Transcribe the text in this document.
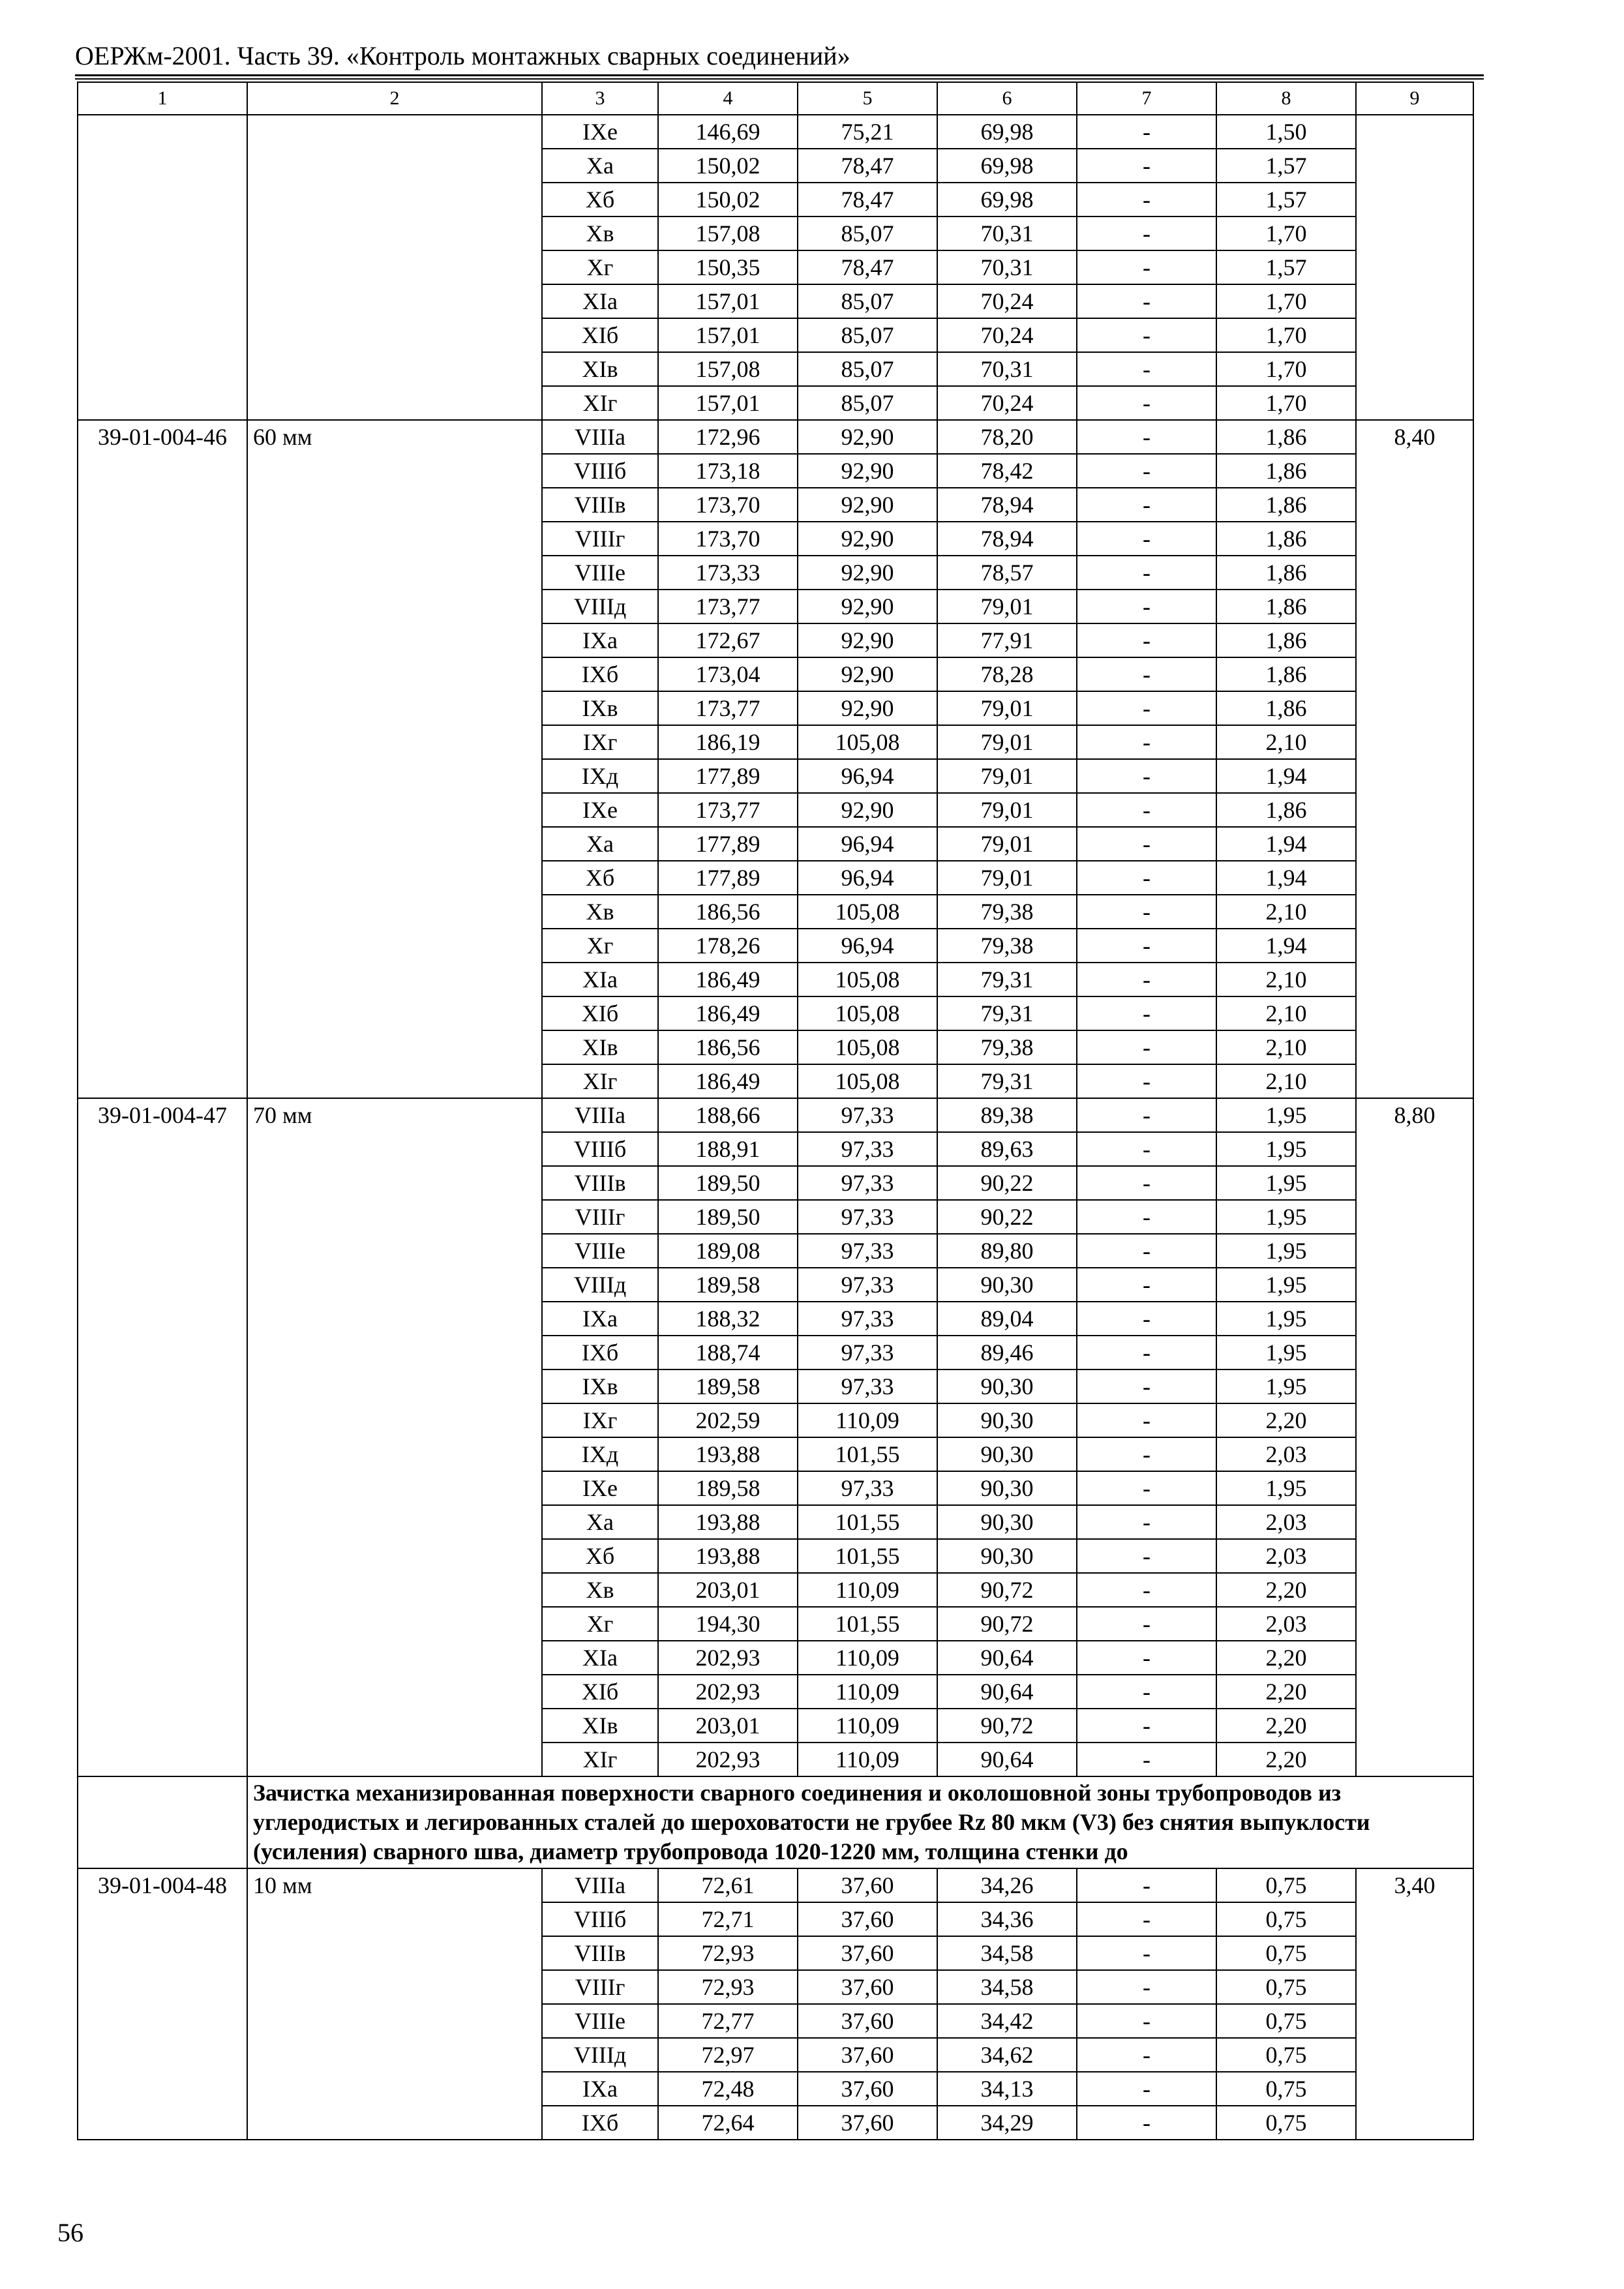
ОЕРЖм-2001. Часть 39. «Контроль монтажных сварных соединений»
1	2	3	4	5	6	7	8	9
		IXе	146,69	75,21	69,98	-	1,50	
		Xа	150,02	78,47	69,98	-	1,57	
		Xб	150,02	78,47	69,98	-	1,57	
		Xв	157,08	85,07	70,31	-	1,70	
		Xг	150,35	78,47	70,31	-	1,57	
		XIа	157,01	85,07	70,24	-	1,70	
		XIб	157,01	85,07	70,24	-	1,70	
		XIв	157,08	85,07	70,31	-	1,70	
		XIг	157,01	85,07	70,24	-	1,70	
39-01-004-46	60 мм	VIIIа	172,96	92,90	78,20	-	1,86	8,40
		VIIIб	173,18	92,90	78,42	-	1,86	
		VIIIв	173,70	92,90	78,94	-	1,86	
		VIIIг	173,70	92,90	78,94	-	1,86	
		VIIIе	173,33	92,90	78,57	-	1,86	
		VIIIд	173,77	92,90	79,01	-	1,86	
		IXа	172,67	92,90	77,91	-	1,86	
		IXб	173,04	92,90	78,28	-	1,86	
		IXв	173,77	92,90	79,01	-	1,86	
		IXг	186,19	105,08	79,01	-	2,10	
		IXд	177,89	96,94	79,01	-	1,94	
		IXе	173,77	92,90	79,01	-	1,86	
		Xа	177,89	96,94	79,01	-	1,94	
		Xб	177,89	96,94	79,01	-	1,94	
		Xв	186,56	105,08	79,38	-	2,10	
		Xг	178,26	96,94	79,38	-	1,94	
		XIа	186,49	105,08	79,31	-	2,10	
		XIб	186,49	105,08	79,31	-	2,10	
		XIв	186,56	105,08	79,38	-	2,10	
		XIг	186,49	105,08	79,31	-	2,10	
39-01-004-47	70 мм	VIIIа	188,66	97,33	89,38	-	1,95	8,80
		VIIIб	188,91	97,33	89,63	-	1,95	
		VIIIв	189,50	97,33	90,22	-	1,95	
		VIIIг	189,50	97,33	90,22	-	1,95	
		VIIIе	189,08	97,33	89,80	-	1,95	
		VIIIд	189,58	97,33	90,30	-	1,95	
		IXа	188,32	97,33	89,04	-	1,95	
		IXб	188,74	97,33	89,46	-	1,95	
		IXв	189,58	97,33	90,30	-	1,95	
		IXг	202,59	110,09	90,30	-	2,20	
		IXд	193,88	101,55	90,30	-	2,03	
		IXе	189,58	97,33	90,30	-	1,95	
		Xа	193,88	101,55	90,30	-	2,03	
		Xб	193,88	101,55	90,30	-	2,03	
		Xв	203,01	110,09	90,72	-	2,20	
		Xг	194,30	101,55	90,72	-	2,03	
		XIа	202,93	110,09	90,64	-	2,20	
		XIб	202,93	110,09	90,64	-	2,20	
		XIв	203,01	110,09	90,72	-	2,20	
		XIг	202,93	110,09	90,64	-	2,20	
	Зачистка механизированная поверхности сварного соединения и околошовной зоны трубопроводов из углеродистых и легированных сталей до шероховатости не грубее Rz 80 мкм (V3) без снятия выпуклости (усиления) сварного шва, диаметр трубопровода 1020-1220 мм, толщина стенки до							
39-01-004-48	10 мм	VIIIа	72,61	37,60	34,26	-	0,75	3,40
		VIIIб	72,71	37,60	34,36	-	0,75	
		VIIIв	72,93	37,60	34,58	-	0,75	
		VIIIг	72,93	37,60	34,58	-	0,75	
		VIIIе	72,77	37,60	34,42	-	0,75	
		VIIIд	72,97	37,60	34,62	-	0,75	
		IXа	72,48	37,60	34,13	-	0,75	
		IXб	72,64	37,60	34,29	-	0,75	
56
